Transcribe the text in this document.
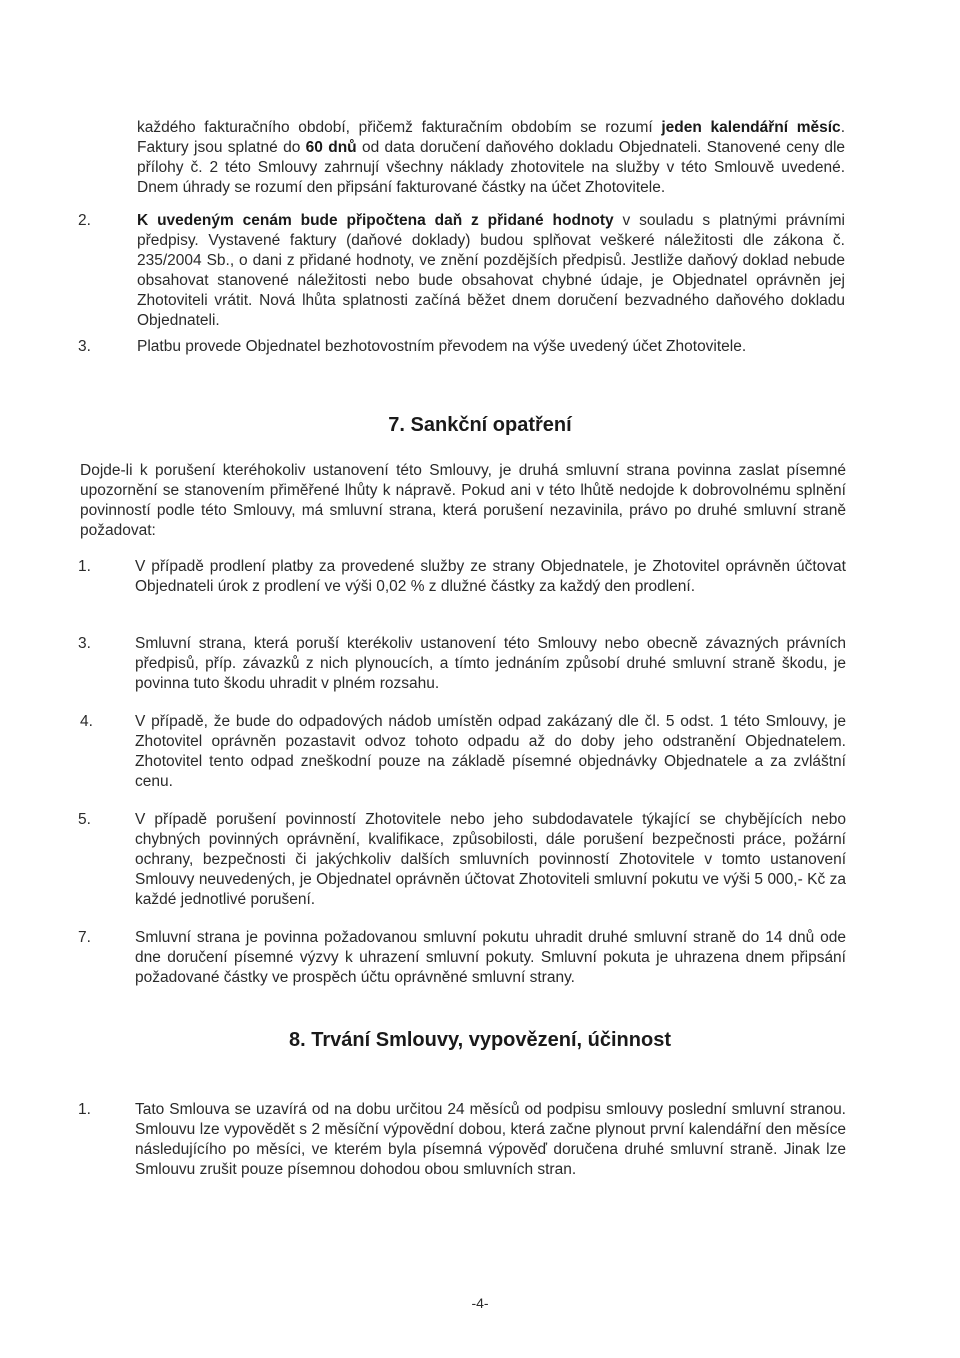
každého fakturačního období, přičemž fakturačním obdobím se rozumí jeden kalendářní měsíc. Faktury jsou splatné do 60 dnů od data doručení daňového dokladu Objednateli. Stanovené ceny dle přílohy č. 2 této Smlouvy zahrnují všechny náklady zhotovitele na služby v této Smlouvě uvedené. Dnem úhrady se rozumí den připsání fakturované částky na účet Zhotovitele.
2.	K uvedeným cenám bude připočtena daň z přidané hodnoty v souladu s platnými právními předpisy. Vystavené faktury (daňové doklady) budou splňovat veškeré náležitosti dle zákona č. 235/2004 Sb., o dani z přidané hodnoty, ve znění pozdějších předpisů. Jestliže daňový doklad nebude obsahovat stanovené náležitosti nebo bude obsahovat chybné údaje, je Objednatel oprávněn jej Zhotoviteli vrátit. Nová lhůta splatnosti začíná běžet dnem doručení bezvadného daňového dokladu Objednateli.
3.	Platbu provede Objednatel bezhotovostním převodem na výše uvedený účet Zhotovitele.
7. Sankční opatření
Dojde-li k porušení kteréhokoliv ustanovení této Smlouvy, je druhá smluvní strana povinna zaslat písemné upozornění se stanovením přiměřené lhůty k nápravě. Pokud ani v této lhůtě nedojde k dobrovolnému splnění povinností podle této Smlouvy, má smluvní strana, která porušení nezavinila, právo po druhé smluvní straně požadovat:
1.	V případě prodlení platby za provedené služby ze strany Objednatele, je Zhotovitel oprávněn účtovat Objednateli úrok z prodlení ve výši 0,02 % z dlužné částky za každý den prodlení.
3.	Smluvní strana, která poruší kterékoliv ustanovení této Smlouvy nebo obecně závazných právních předpisů, příp. závazků z nich plynoucích, a tímto jednáním způsobí druhé smluvní straně škodu, je povinna tuto škodu uhradit v plném rozsahu.
4.	V případě, že bude do odpadových nádob umístěn odpad zakázaný dle čl. 5 odst. 1 této Smlouvy, je Zhotovitel oprávněn pozastavit odvoz tohoto odpadu až do doby jeho odstranění Objednatelem. Zhotovitel tento odpad zneškodní pouze na základě písemné objednávky Objednatele a za zvláštní cenu.
5.	V případě porušení povinností Zhotovitele nebo jeho subdodavatele týkající se chybějících nebo chybných povinných oprávnění, kvalifikace, způsobilosti, dále porušení bezpečnosti práce, požární ochrany, bezpečnosti či jakýchkoliv dalších smluvních povinností Zhotovitele v tomto ustanovení Smlouvy neuvedených, je Objednatel oprávněn účtovat Zhotoviteli smluvní pokutu ve výši 5 000,- Kč za každé jednotlivé porušení.
7.	Smluvní strana je povinna požadovanou smluvní pokutu uhradit druhé smluvní straně do 14 dnů ode dne doručení písemné výzvy k uhrazení smluvní pokuty. Smluvní pokuta je uhrazena dnem připsání požadované částky ve prospěch účtu oprávněné smluvní strany.
8. Trvání Smlouvy, vypovězení, účinnost
1.	Tato Smlouva se uzavírá od na dobu určitou 24 měsíců od podpisu smlouvy poslední smluvní stranou. Smlouvu lze vypovědět s 2 měsíční výpovědní dobou, která začne plynout první kalendářní den měsíce následujícího po měsíci, ve kterém byla písemná výpověď doručena druhé smluvní straně. Jinak lze Smlouvu zrušit pouze písemnou dohodou obou smluvních stran.
-4-
